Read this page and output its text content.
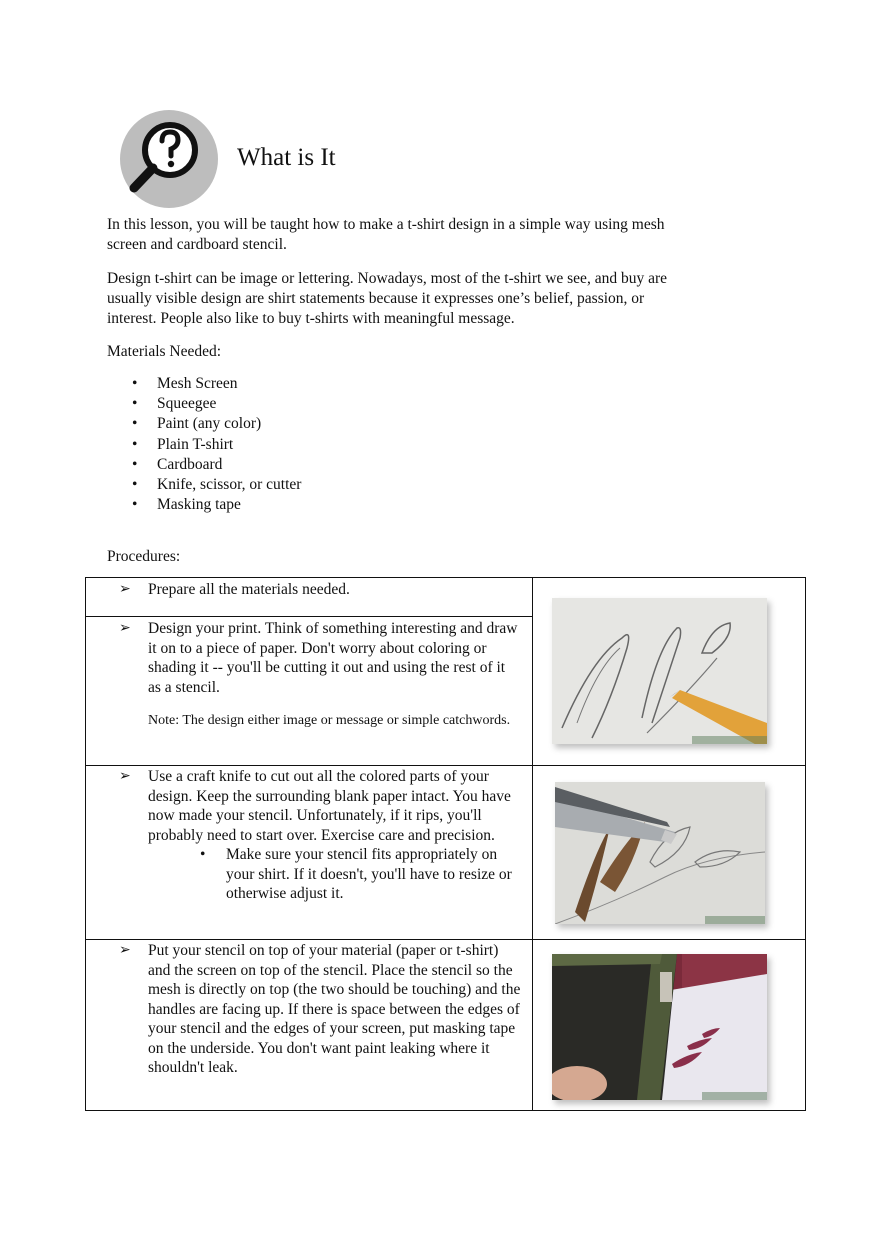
What is It

In this lesson, you will be taught how to make a t-shirt design in a simple way using mesh screen and cardboard stencil.

Design t-shirt can be image or lettering. Nowadays, most of the t-shirt we see, and buy are usually visible design are shirt statements because it expresses one’s belief, passion, or interest. People also like to buy t-shirts with meaningful message.

Materials Needed:
• Mesh Screen
• Squeegee
• Paint (any color)
• Plain T-shirt
• Cardboard
• Knife, scissor, or cutter
• Masking tape
Procedures:
➢ Prepare all the materials needed.

➢ Design your print. Think of something interesting and draw it on to a piece of paper. Don't worry about coloring or shading it -- you'll be cutting it out and using the rest of it as a stencil.
Note: The design either image or message or simple catchwords.	

➢ Use a craft knife to cut out all the colored parts of your design. Keep the surrounding blank paper intact. You have now made your stencil. Unfortunately, if it rips, you'll probably need to start over. Exercise care and precision.
• Make sure your stencil fits appropriately on your shirt. If it doesn't, you'll have to resize or otherwise adjust it.

➢ Put your stencil on top of your material (paper or t-shirt) and the screen on top of the stencil. Place the stencil so the mesh is directly on top (the two should be touching) and the handles are facing up. If there is space between the edges of your stencil and the edges of your screen, put masking tape on the underside. You don't want paint leaking where it shouldn't leak.
